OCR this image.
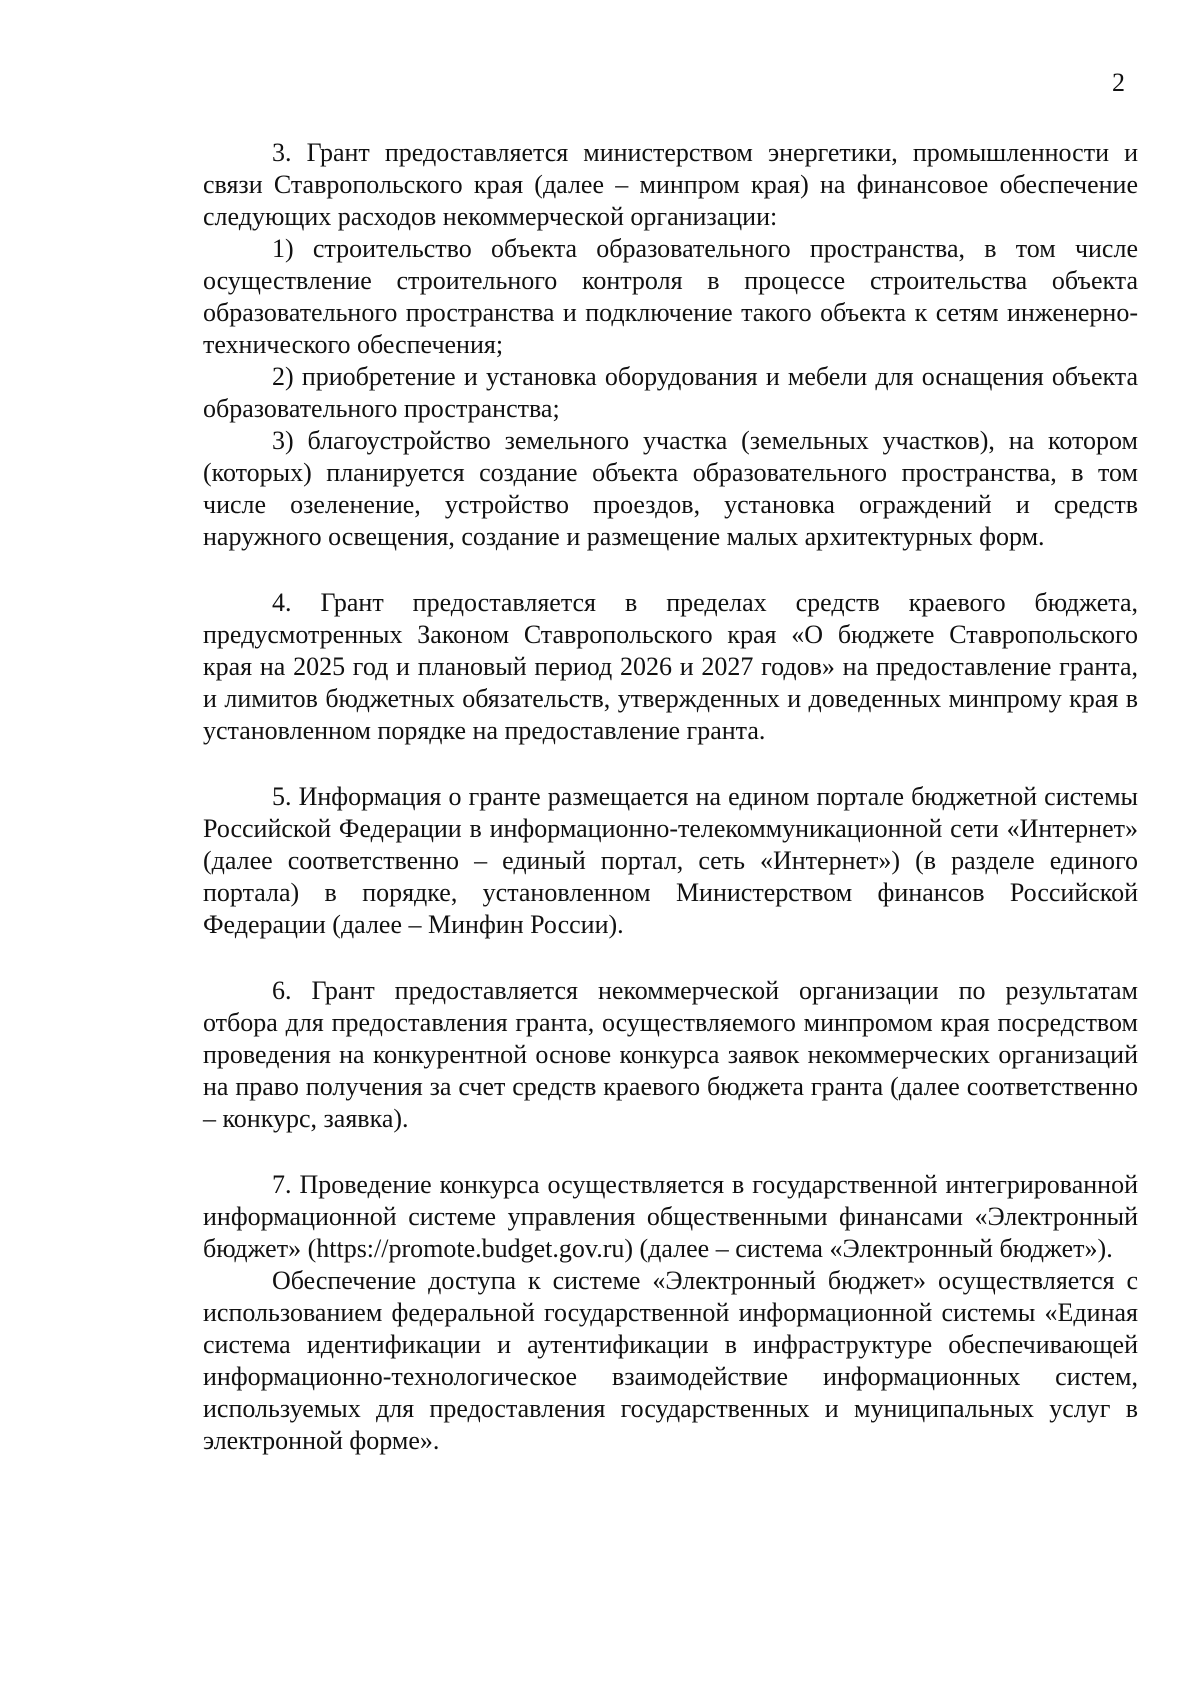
2

3. Грант предоставляется министерством энергетики, промышленности и связи Ставропольского края (далее – минпром края) на финансовое обеспечение следующих расходов некоммерческой организации:

1) строительство объекта образовательного пространства, в том числе осуществление строительного контроля в процессе строительства объекта образовательного пространства и подключение такого объекта к сетям инженерно-технического обеспечения;

2) приобретение и установка оборудования и мебели для оснащения объекта образовательного пространства;

3) благоустройство земельного участка (земельных участков), на котором (которых) планируется создание объекта образовательного пространства, в том числе озеленение, устройство проездов, установка ограждений и средств наружного освещения, создание и размещение малых архитектурных форм.

4. Грант предоставляется в пределах средств краевого бюджета, предусмотренных Законом Ставропольского края «О бюджете Ставропольского края на 2025 год и плановый период 2026 и 2027 годов» на предоставление гранта, и лимитов бюджетных обязательств, утвержденных и доведенных минпрому края в установленном порядке на предоставление гранта.

5. Информация о гранте размещается на едином портале бюджетной системы Российской Федерации в информационно-телекоммуникационной сети «Интернет» (далее соответственно – единый портал, сеть «Интернет») (в разделе единого портала) в порядке, установленном Министерством финансов Российской Федерации (далее – Минфин России).

6. Грант предоставляется некоммерческой организации по результатам отбора для предоставления гранта, осуществляемого минпромом края посредством проведения на конкурентной основе конкурса заявок некоммерческих организаций на право получения за счет средств краевого бюджета гранта (далее соответственно – конкурс, заявка).

7. Проведение конкурса осуществляется в государственной интегрированной информационной системе управления общественными финансами «Электронный бюджет» (https://promote.budget.gov.ru) (далее – система «Электронный бюджет»).

Обеспечение доступа к системе «Электронный бюджет» осуществляется с использованием федеральной государственной информационной системы «Единая система идентификации и аутентификации в инфраструктуре обеспечивающей информационно-технологическое взаимодействие информационных систем, используемых для предоставления государственных и муниципальных услуг в электронной форме».
